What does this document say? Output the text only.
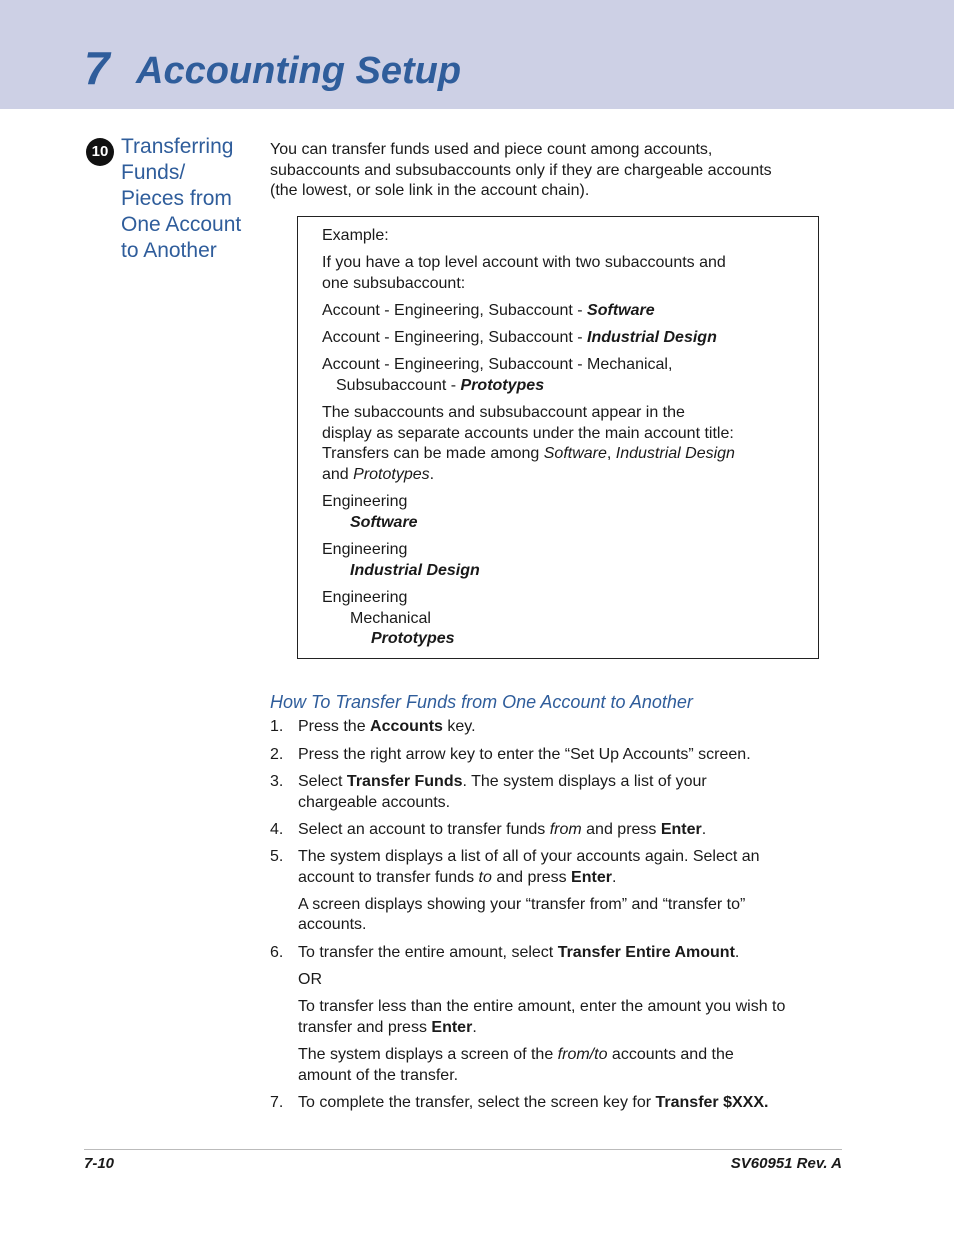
7 Accounting Setup
10 Transferring
Funds/
Pieces from
One Account
to Another
You can transfer funds used and piece count among accounts,
subaccounts and subsubaccounts only if they are chargeable accounts
(the lowest, or sole link in the account chain).
Example:
If you have a top level account with two subaccounts and
one subsubaccount:
Account - Engineering, Subaccount - Software
Account - Engineering, Subaccount - Industrial Design
Account - Engineering, Subaccount - Mechanical,
Subsubaccount - Prototypes
The subaccounts and subsubaccount appear in the
display as separate accounts under the main account title:
Transfers can be made among Software, Industrial Design
and Prototypes.
Engineering
Software
Engineering
Industrial Design
Engineering
Mechanical
Prototypes
How To Transfer Funds from One Account to Another
1. Press the Accounts key.
2. Press the right arrow key to enter the “Set Up Accounts” screen.
3. Select Transfer Funds. The system displays a list of your
chargeable accounts.
4. Select an account to transfer funds from and press Enter.
5. The system displays a list of all of your accounts again. Select an
account to transfer funds to and press Enter.
A screen displays showing your “transfer from” and “transfer to”
accounts.
6. To transfer the entire amount, select Transfer Entire Amount.
OR
To transfer less than the entire amount, enter the amount you wish to
transfer and press Enter.
The system displays a screen of the from/to accounts and the
amount of the transfer.
7. To complete the transfer, select the screen key for Transfer $XXX.
7-10	SV60951 Rev. A
